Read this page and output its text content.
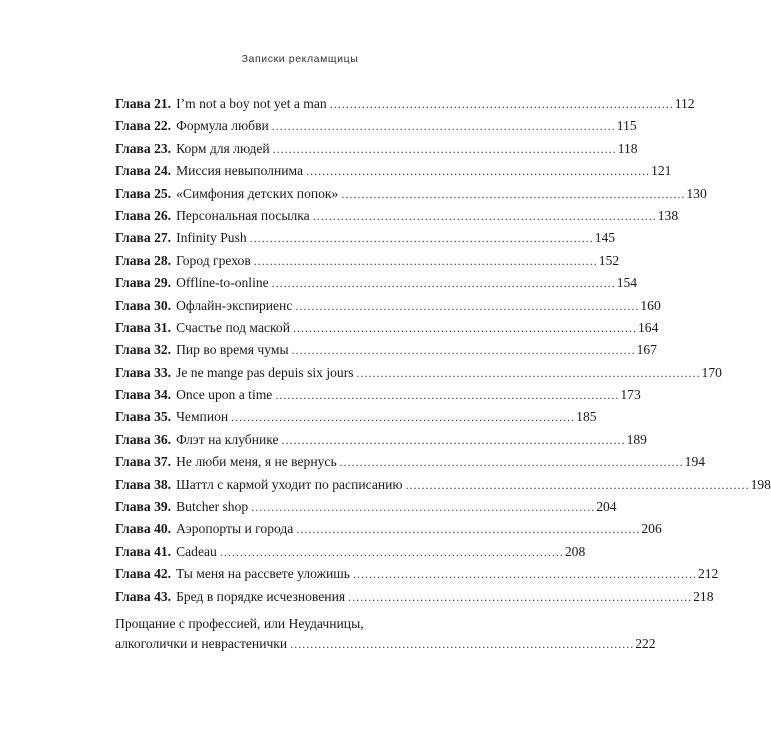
Записки рекламщицы
Глава 21. I’m not a boy not yet a man . . .	112
Глава 22. Формула любви . . .	115
Глава 23. Корм для людей . . .	118
Глава 24. Миссия невыполнима . . .	121
Глава 25. «Симфония детских попок» . . .	130
Глава 26. Персональная посылка . . .	138
Глава 27. Infinity Push . . .	145
Глава 28. Город грехов . . .	152
Глава 29. Offline-to-online . . .	154
Глава 30. Офлайн-экспириенс . . .	160
Глава 31. Счастье под маской . . .	164
Глава 32. Пир во время чумы . . .	167
Глава 33. Je ne mange pas depuis six jours . . .	170
Глава 34. Once upon a time . . .	173
Глава 35. Чемпион . . .	185
Глава 36. Флэт на клубнике . . .	189
Глава 37. Не люби меня, я не вернусь . . .	194
Глава 38. Шаттл с кармой уходит по расписанию . . .	198
Глава 39. Butcher shop . . .	204
Глава 40. Аэропорты и города . . .	206
Глава 41. Cadeau . . .	208
Глава 42. Ты меня на рассвете уложишь . . .	212
Глава 43. Бред в порядке исчезновения . . .	218
Прощание с профессией, или Неудачницы,
алкоголички и неврастенички . . .	222
